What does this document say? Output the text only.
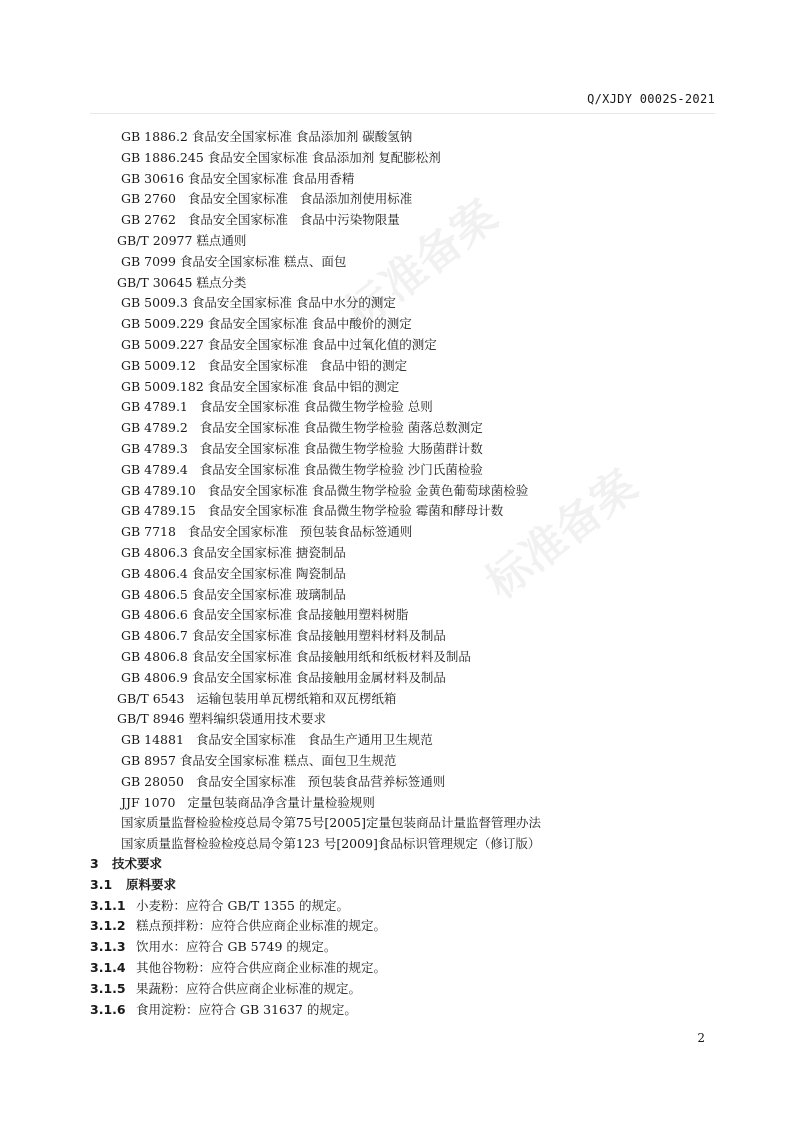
Q/XJDY 0002S-2021
标准备案
标准备案
GB 1886.2 食品安全国家标准 食品添加剂 碳酸氢钠
GB 1886.245 食品安全国家标准 食品添加剂 复配膨松剂
GB 30616 食品安全国家标准 食品用香精
GB 2760   食品安全国家标准   食品添加剂使用标准
GB 2762   食品安全国家标准   食品中污染物限量
GB/T 20977 糕点通则
GB 7099 食品安全国家标准 糕点、面包
GB/T 30645 糕点分类
GB 5009.3 食品安全国家标准 食品中水分的测定
GB 5009.229 食品安全国家标准 食品中酸价的测定
GB 5009.227 食品安全国家标准 食品中过氧化值的测定
GB 5009.12   食品安全国家标准   食品中铅的测定
GB 5009.182 食品安全国家标准 食品中铝的测定
GB 4789.1   食品安全国家标准 食品微生物学检验 总则
GB 4789.2   食品安全国家标准 食品微生物学检验 菌落总数测定
GB 4789.3   食品安全国家标准 食品微生物学检验 大肠菌群计数
GB 4789.4   食品安全国家标准 食品微生物学检验 沙门氏菌检验
GB 4789.10   食品安全国家标准 食品微生物学检验 金黄色葡萄球菌检验
GB 4789.15   食品安全国家标准 食品微生物学检验 霉菌和酵母计数
GB 7718   食品安全国家标准   预包装食品标签通则
GB 4806.3 食品安全国家标准 搪瓷制品
GB 4806.4 食品安全国家标准 陶瓷制品
GB 4806.5 食品安全国家标准 玻璃制品
GB 4806.6 食品安全国家标准 食品接触用塑料树脂
GB 4806.7 食品安全国家标准 食品接触用塑料材料及制品
GB 4806.8 食品安全国家标准 食品接触用纸和纸板材料及制品
GB 4806.9 食品安全国家标准 食品接触用金属材料及制品
GB/T 6543   运输包装用单瓦楞纸箱和双瓦楞纸箱
GB/T 8946 塑料编织袋通用技术要求
GB 14881   食品安全国家标准   食品生产通用卫生规范
GB 8957 食品安全国家标准 糕点、面包卫生规范
GB 28050   食品安全国家标准   预包装食品营养标签通则
JJF 1070   定量包装商品净含量计量检验规则
国家质量监督检验检疫总局令第75号[2005]定量包装商品计量监督管理办法
国家质量监督检验检疫总局令第123 号[2009]食品标识管理规定（修订版）
3 技术要求
3.1 原料要求
3.1.1 小麦粉：应符合 GB/T 1355 的规定。
3.1.2 糕点预拌粉：应符合供应商企业标准的规定。
3.1.3 饮用水：应符合 GB 5749 的规定。
3.1.4 其他谷物粉：应符合供应商企业标准的规定。
3.1.5 果蔬粉：应符合供应商企业标准的规定。
3.1.6 食用淀粉：应符合 GB 31637 的规定。
2
